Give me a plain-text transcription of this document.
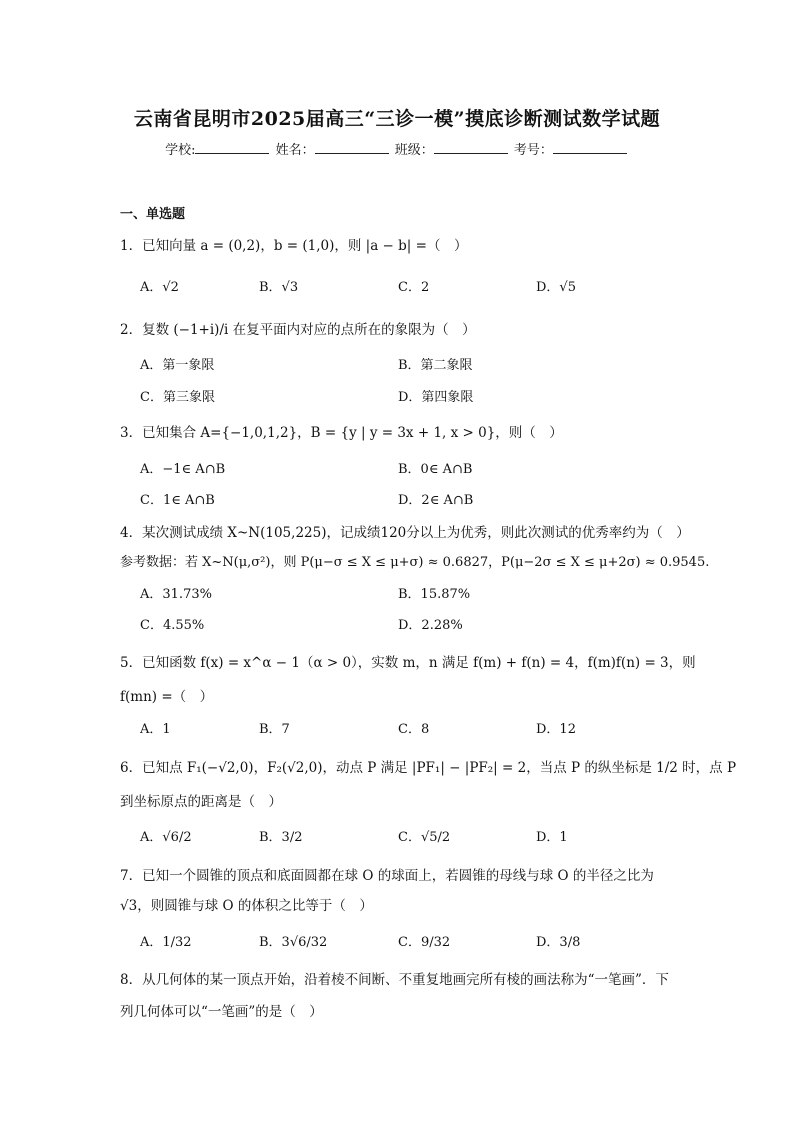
云南省昆明市2025届高三“三诊一模”摸底诊断测试数学试题
学校:	姓名：	班级：	考号：
一、单选题
1．已知向量 a = (0,2)，b = (1,0)，则 |a − b| =（　）
A．√2	B．√3	C．2	D．√5
2．复数 (−1+i)/i 在复平面内对应的点所在的象限为（　）
A．第一象限	B．第二象限
C．第三象限	D．第四象限
3．已知集合 A={−1,0,1,2}，B = {y | y = 3x + 1, x > 0}，则（　）
A．−1∈ A∩B	B．0∈ A∩B
C．1∈ A∩B	D．2∈ A∩B
4．某次测试成绩 X~N(105,225)，记成绩120分以上为优秀，则此次测试的优秀率约为（　）
参考数据：若 X~N(μ,σ²)，则 P(μ−σ ≤ X ≤ μ+σ) ≈ 0.6827，P(μ−2σ ≤ X ≤ μ+2σ) ≈ 0.9545.
A．31.73%	B．15.87%
C．4.55%	D．2.28%
5．已知函数 f(x) = x^α − 1（α > 0），实数 m，n 满足 f(m) + f(n) = 4，f(m)f(n) = 3，则
f(mn) =（　）
A．1	B．7	C．8	D．12
6．已知点 F₁(−√2,0)，F₂(√2,0)，动点 P 满足 |PF₁| − |PF₂| = 2，当点 P 的纵坐标是 1/2 时，点 P
到坐标原点的距离是（　）
A．√6/2	B．3/2	C．√5/2	D．1
7．已知一个圆锥的顶点和底面圆都在球 O 的球面上，若圆锥的母线与球 O 的半径之比为
√3，则圆锥与球 O 的体积之比等于（　）
A．1/32	B．3√6/32	C．9/32	D．3/8
8．从几何体的某一顶点开始，沿着棱不间断、不重复地画完所有棱的画法称为“一笔画”．下
列几何体可以“一笔画”的是（　）
